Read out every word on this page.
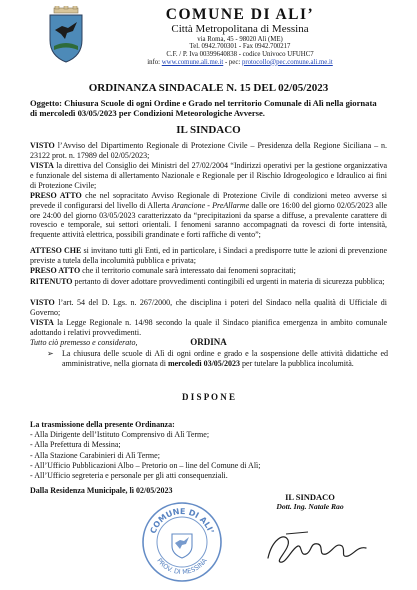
COMUNE DI ALI’
Città Metropolitana di Messina
via Roma, 45 - 98020 Alì (ME)
Tel. 0942.700301 - Fax 0942.700217
C.F. / P. Iva 00399640838 - codice Univoco UFUHC7
info: www.comune.ali.me.it - pec: protocollo@pec.comune.ali.me.it
ORDINANZA SINDACALE N. 15 DEL 02/05/2023
Oggetto: Chiusura Scuole di ogni Ordine e Grado nel territorio Comunale di Alì nella giornata di mercoledì 03/05/2023 per Condizioni Meteorologiche Avverse.
IL SINDACO
VISTO l’Avviso del Dipartimento Regionale di Protezione Civile – Presidenza della Regione Siciliana – n. 23122 prot. n. 17989 del 02/05/2023;
VISTA la direttiva del Consiglio dei Ministri del 27/02/2004 “Indirizzi operativi per la gestione organizzativa e funzionale del sistema di allertamento Nazionale e Regionale per il Rischio Idrogeologico e Idraulico ai fini di Protezione Civile;
PRESO ATTO che nel sopracitato Avviso Regionale di Protezione Civile di condizioni meteo avverse si prevede il configurarsi del livello di Allerta Arancione - PreAllarme dalle ore 16:00 del giorno 02/05/2023 alle ore 24:00 del giorno 03/05/2023 caratterizzato da “precipitazioni da sparse a diffuse, a prevalente carattere di rovescio e temporale, sui settori orientali. I fenomeni saranno accompagnati da rovesci di forte intensità, frequente attività elettrica, possibili grandinate e forti raffiche di vento”;
ATTESO CHE si invitano tutti gli Enti, ed in particolare, i Sindaci a predisporre tutte le azioni di prevenzione previste a tutela della incolumità pubblica e privata;
PRESO ATTO che il territorio comunale sarà interessato dai fenomeni sopracitati;
RITENUTO pertanto di dover adottare provvedimenti contingibili ed urgenti in materia di sicurezza pubblica;
VISTO l’art. 54 del D. Lgs. n. 267/2000, che disciplina i poteri del Sindaco nella qualità di Ufficiale di Governo;
VISTA la Legge Regionale n. 14/98 secondo la quale il Sindaco pianifica emergenza in ambito comunale adottando i relativi provvedimenti.
Tutto ciò premesso e considerato,	ORDINA
➢ La chiusura delle scuole di Alì di ogni ordine e grado e la sospensione delle attività didattiche ed amministrative, nella giornata di mercoledì 03/05/2023 per tutelare la pubblica incolumità.
D I S P O N E
La trasmissione della presente Ordinanza:
- Alla Dirigente dell’Istituto Comprensivo di Alì Terme;
- Alla Prefettura di Messina;
- Alla Stazione Carabinieri di Alì Terme;
- All’Ufficio Pubblicazioni Albo – Pretorio on – line del Comune di Alì;
- All’Ufficio segreteria e personale per gli atti consequenziali.
Dalla Residenza Municipale, lì 02/05/2023
IL SINDACO
Dott. Ing. Natale Rao
COMUNE DI ALI’
PROV. DI MESSINA
